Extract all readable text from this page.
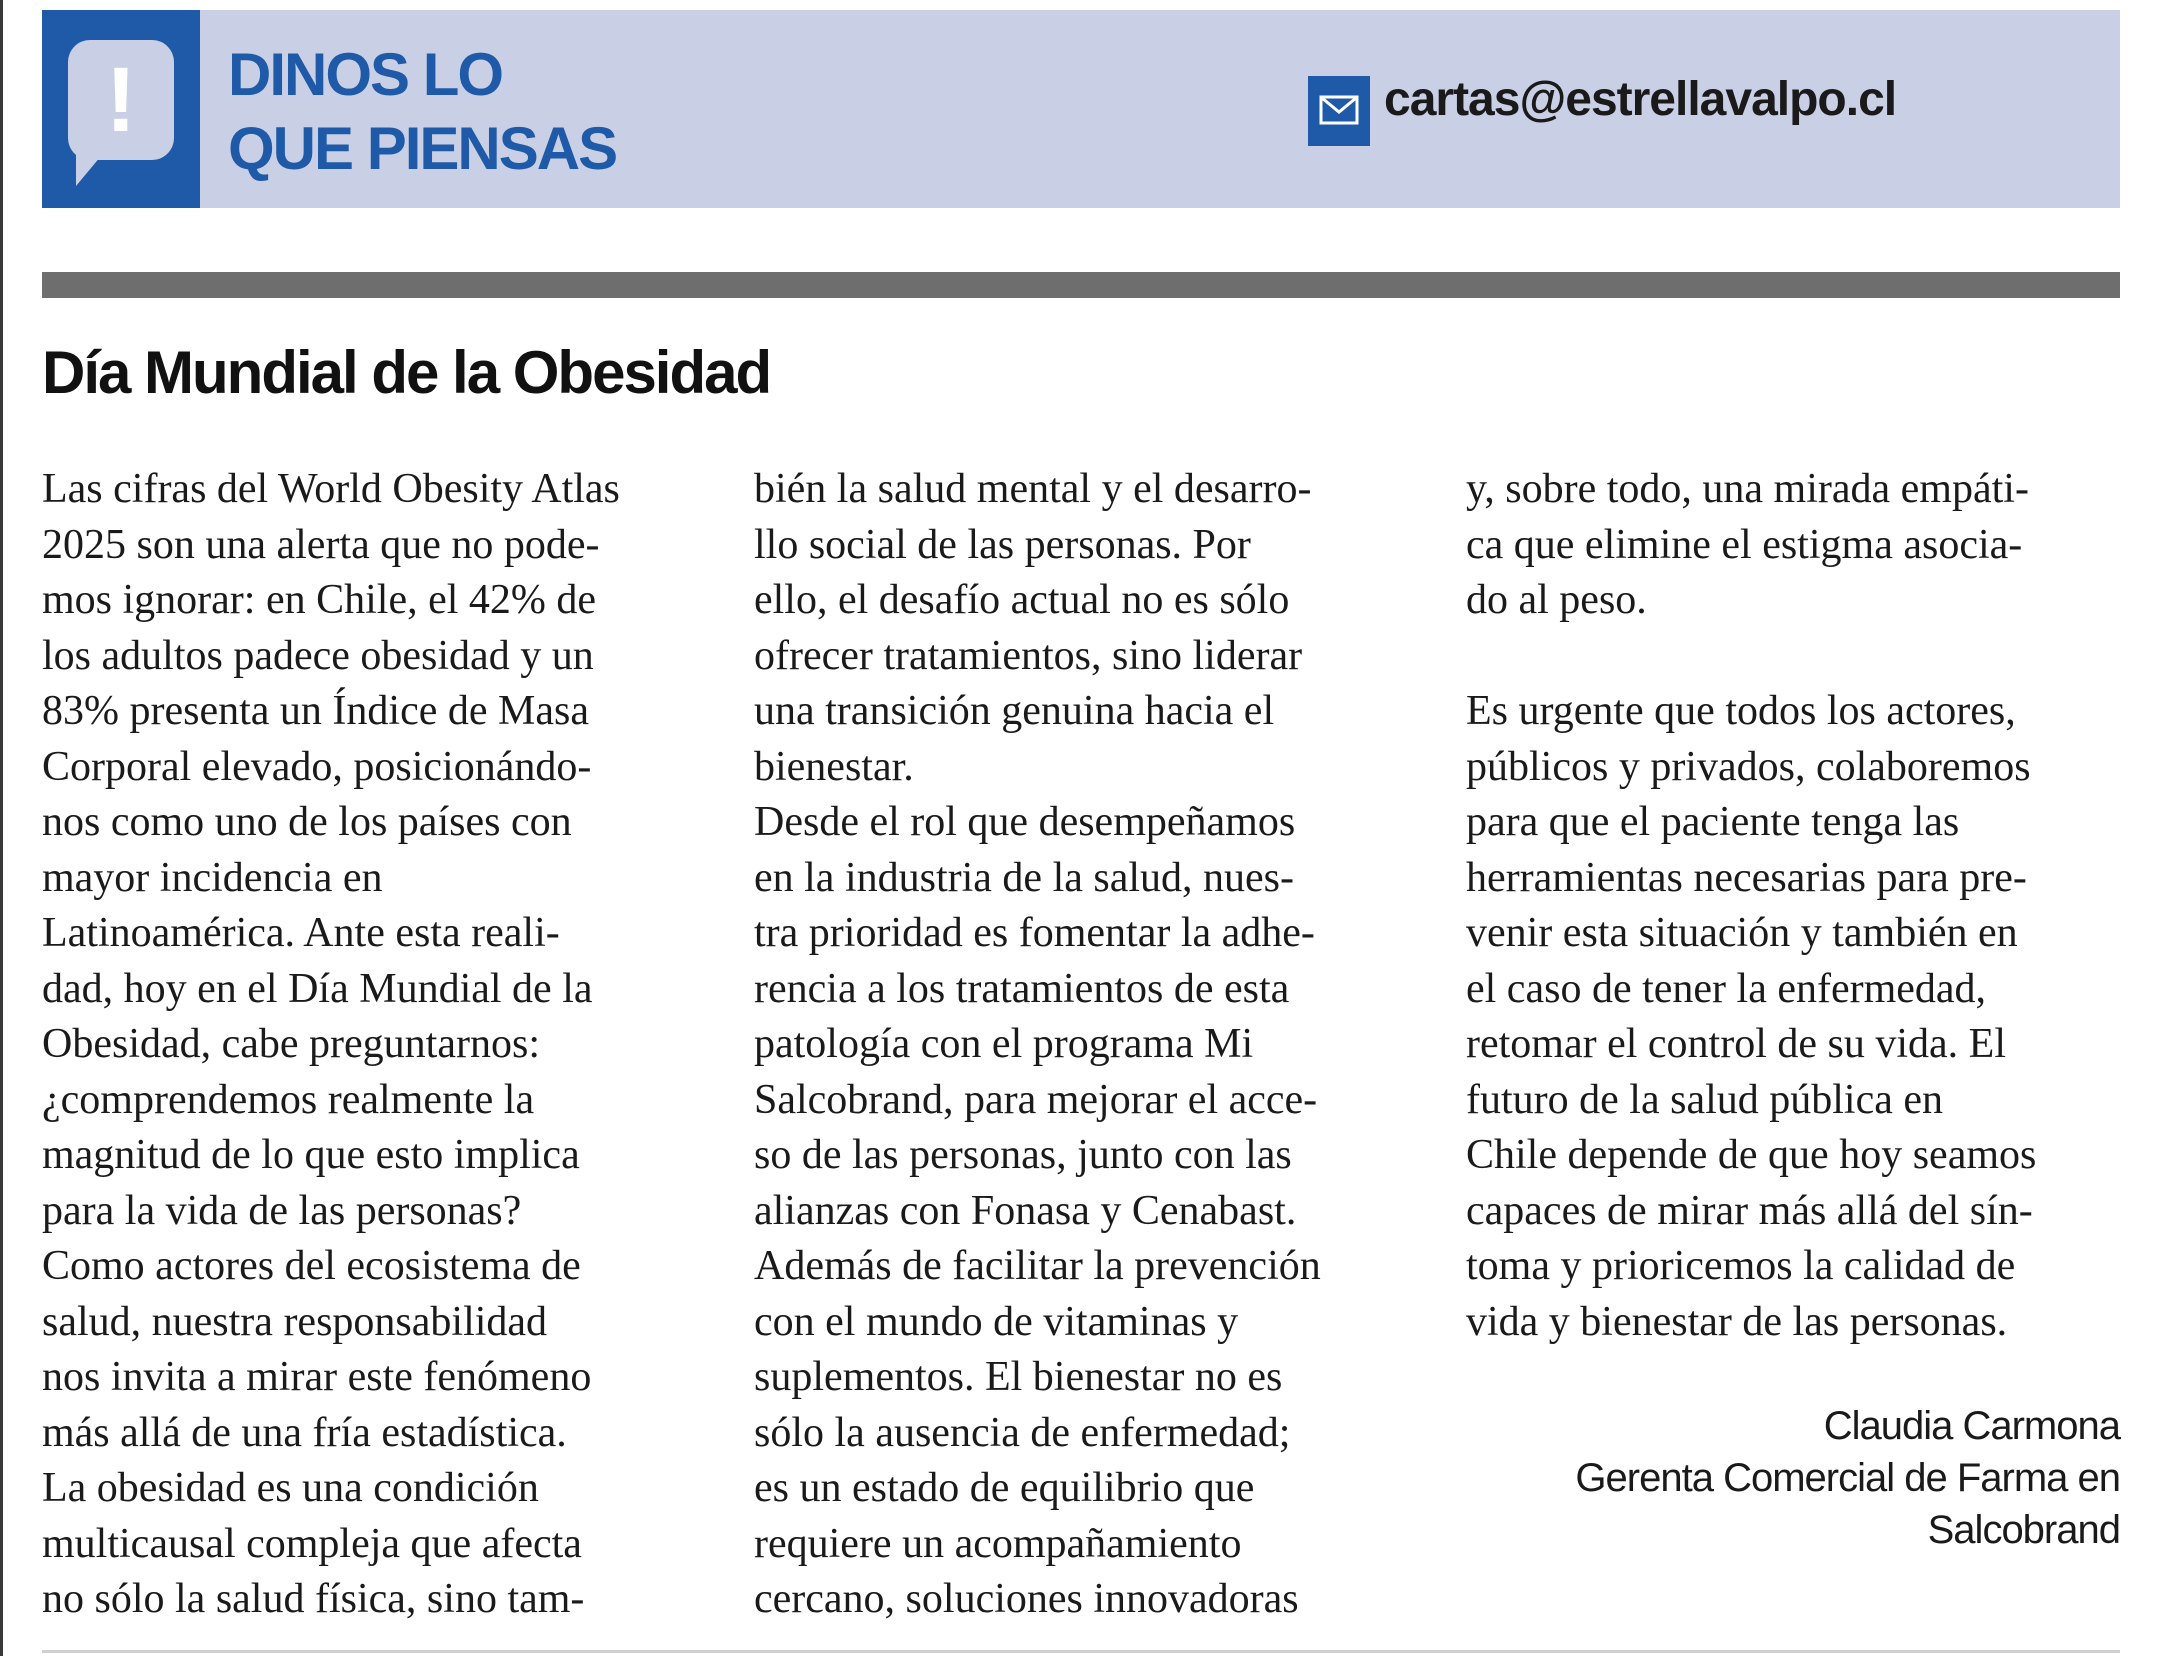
!	DINOS LO
QUE PIENSAS
cartas@estrellavalpo.cl
Día Mundial de la Obesidad
Las cifras del World Obesity Atlas
2025 son una alerta que no pode-
mos ignorar: en Chile, el 42% de
los adultos padece obesidad y un
83% presenta un Índice de Masa
Corporal elevado, posicionándo-
nos como uno de los países con
mayor incidencia en
Latinoamérica. Ante esta reali-
dad, hoy en el Día Mundial de la
Obesidad, cabe preguntarnos:
¿comprendemos realmente la
magnitud de lo que esto implica
para la vida de las personas?
Como actores del ecosistema de
salud, nuestra responsabilidad
nos invita a mirar este fenómeno
más allá de una fría estadística.
La obesidad es una condición
multicausal compleja que afecta
no sólo la salud física, sino tam-
bién la salud mental y el desarro-
llo social de las personas. Por
ello, el desafío actual no es sólo
ofrecer tratamientos, sino liderar
una transición genuina hacia el
bienestar.
Desde el rol que desempeñamos
en la industria de la salud, nues-
tra prioridad es fomentar la adhe-
rencia a los tratamientos de esta
patología con el programa Mi
Salcobrand, para mejorar el acce-
so de las personas, junto con las
alianzas con Fonasa y Cenabast.
Además de facilitar la prevención
con el mundo de vitaminas y
suplementos. El bienestar no es
sólo la ausencia de enfermedad;
es un estado de equilibrio que
requiere un acompañamiento
cercano, soluciones innovadoras
y, sobre todo, una mirada empáti-
ca que elimine el estigma asocia-
do al peso.
Es urgente que todos los actores,
públicos y privados, colaboremos
para que el paciente tenga las
herramientas necesarias para pre-
venir esta situación y también en
el caso de tener la enfermedad,
retomar el control de su vida. El
futuro de la salud pública en
Chile depende de que hoy seamos
capaces de mirar más allá del sín-
toma y prioricemos la calidad de
vida y bienestar de las personas.
Claudia Carmona
Gerenta Comercial de Farma en
Salcobrand
